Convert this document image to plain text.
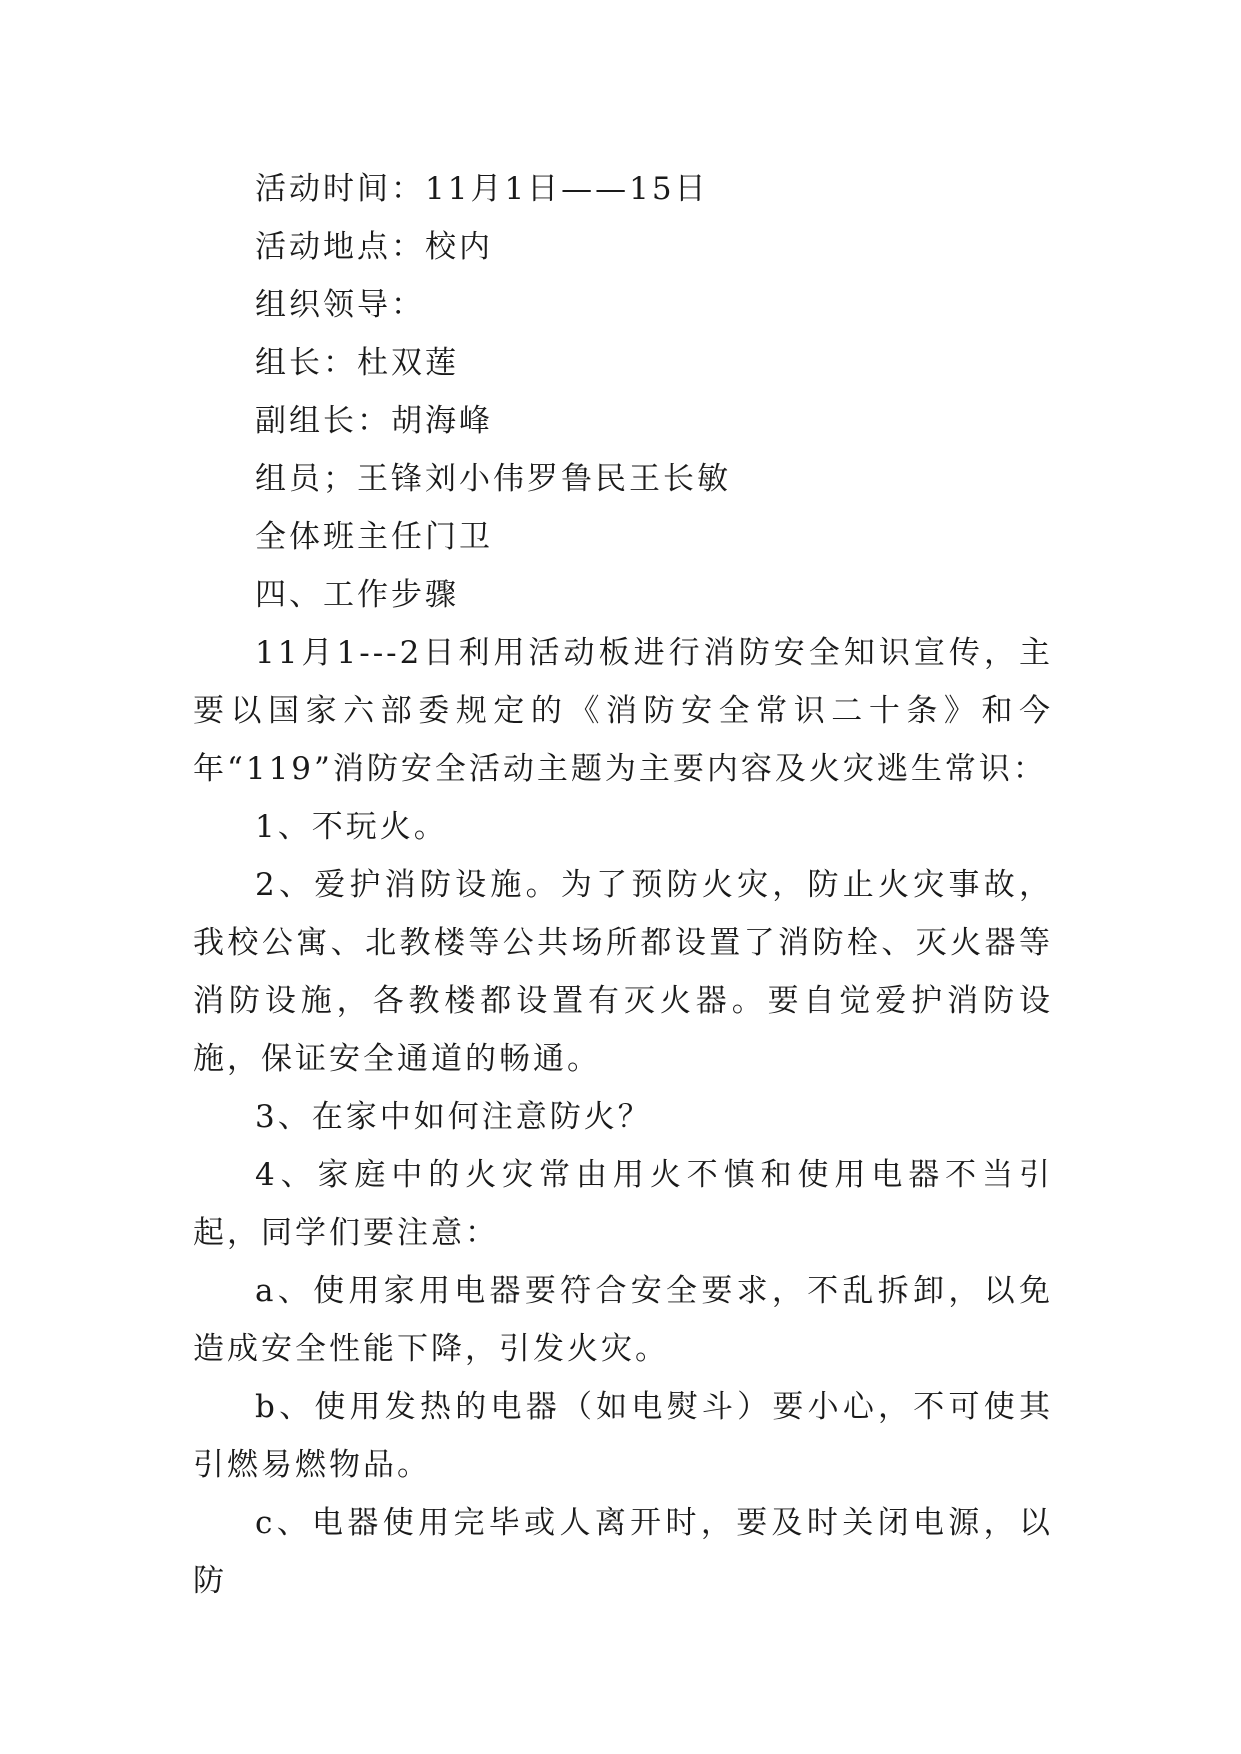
活动时间：11月1日——15日

活动地点：校内

组织领导：

组长：杜双莲

副组长：胡海峰

组员；王锋刘小伟罗鲁民王长敏

全体班主任门卫

四、工作步骤

11月1---2日利用活动板进行消防安全知识宣传，主要以国家六部委规定的《消防安全常识二十条》和今年“119”消防安全活动主题为主要内容及火灾逃生常识：

1、不玩火。

2、爱护消防设施。为了预防火灾，防止火灾事故，我校公寓、北教楼等公共场所都设置了消防栓、灭火器等消防设施，各教楼都设置有灭火器。要自觉爱护消防设施，保证安全通道的畅通。

3、在家中如何注意防火？

4、家庭中的火灾常由用火不慎和使用电器不当引起，同学们要注意：

a、使用家用电器要符合安全要求，不乱拆卸，以免造成安全性能下降，引发火灾。

b、使用发热的电器（如电熨斗）要小心，不可使其引燃易燃物品。

c、电器使用完毕或人离开时，要及时关闭电源，以防
